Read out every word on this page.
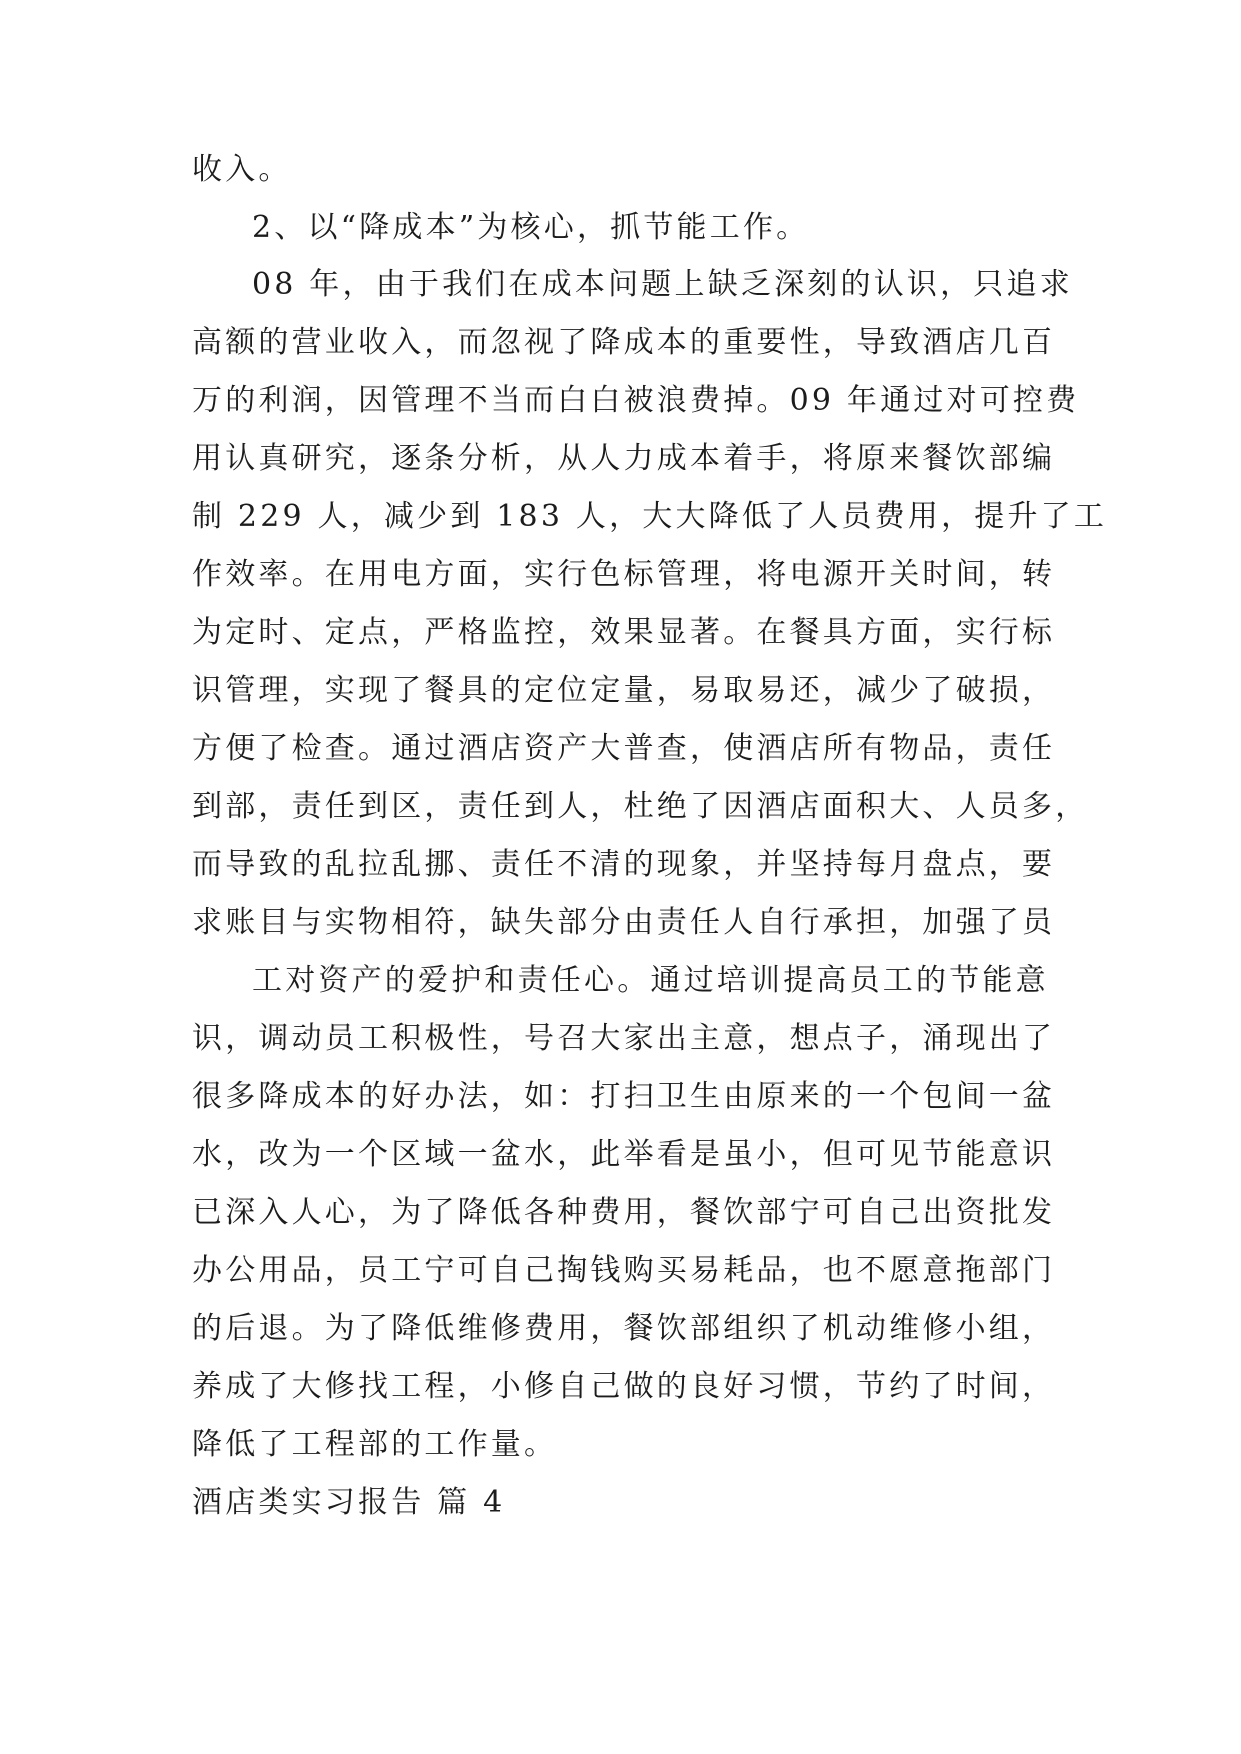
收入。
2、以“降成本”为核心，抓节能工作。
08 年，由于我们在成本问题上缺乏深刻的认识，只追求
高额的营业收入，而忽视了降成本的重要性，导致酒店几百
万的利润，因管理不当而白白被浪费掉。09 年通过对可控费
用认真研究，逐条分析，从人力成本着手，将原来餐饮部编
制 229 人，减少到 183 人，大大降低了人员费用，提升了工
作效率。在用电方面，实行色标管理，将电源开关时间，转
为定时、定点，严格监控，效果显著。在餐具方面，实行标
识管理，实现了餐具的定位定量，易取易还，减少了破损，
方便了检查。通过酒店资产大普查，使酒店所有物品，责任
到部，责任到区，责任到人，杜绝了因酒店面积大、人员多，
而导致的乱拉乱挪、责任不清的现象，并坚持每月盘点，要
求账目与实物相符，缺失部分由责任人自行承担，加强了员
工对资产的爱护和责任心。通过培训提高员工的节能意
识，调动员工积极性，号召大家出主意，想点子，涌现出了
很多降成本的好办法，如：打扫卫生由原来的一个包间一盆
水，改为一个区域一盆水，此举看是虽小，但可见节能意识
已深入人心，为了降低各种费用，餐饮部宁可自己出资批发
办公用品，员工宁可自己掏钱购买易耗品，也不愿意拖部门
的后退。为了降低维修费用，餐饮部组织了机动维修小组，
养成了大修找工程，小修自己做的良好习惯，节约了时间，
降低了工程部的工作量。
酒店类实习报告 篇 4
